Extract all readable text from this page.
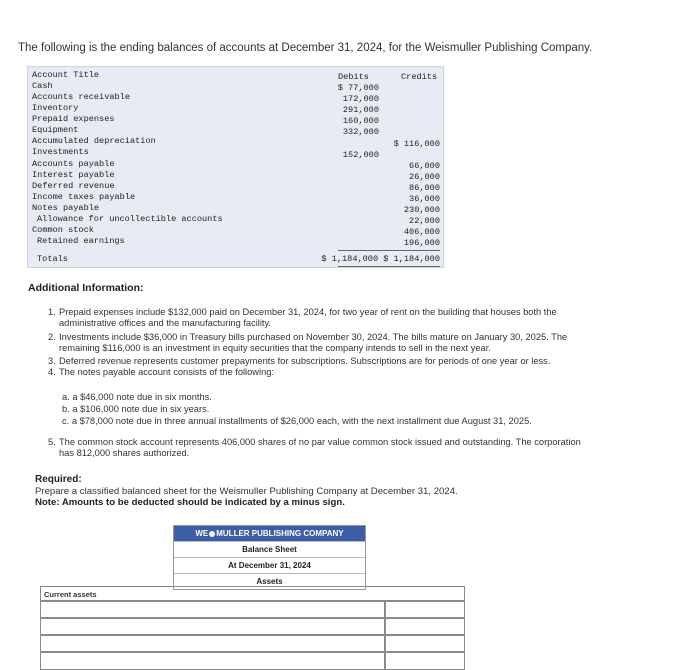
The following is the ending balances of accounts at December 31, 2024, for the Weismuller Publishing Company.
Account Title	Debits	Credits
Cash
Accounts receivable
Inventory
Prepaid expenses
Equipment
Accumulated depreciation
Investments
Accounts payable
Interest payable
Deferred revenue
Income taxes payable
Notes payable
Allowance for uncollectible accounts
Common stock
Retained earnings
Totals
$ 77,000
172,000
291,000
160,000
332,000
152,000
$ 116,000
66,000
26,000
86,000
36,000
230,000
22,000
406,000
196,000
$ 1,184,000 $ 1,184,000
Additional Information:
1. Prepaid expenses include $132,000 paid on December 31, 2024, for two year of rent on the building that houses both the
administrative offices and the manufacturing facility.
2. Investments include $36,000 in Treasury bills purchased on November 30, 2024. The bills mature on January 30, 2025. The
remaining $116,000 is an investment in equity securities that the company intends to sell in the next year.
3. Deferred revenue represents customer prepayments for subscriptions. Subscriptions are for periods of one year or less.
4. The notes payable account consists of the following:
a. a $46,000 note due in six months.
b. a $106,000 note due in six years.
c. a $78,000 note due in three annual installments of $26,000 each, with the next installment due August 31, 2025.
5. The common stock account represents 406,000 shares of no par value common stock issued and outstanding. The corporation
has 812,000 shares authorized.
Required:
Prepare a classified balanced sheet for the Weismuller Publishing Company at December 31, 2024.
Note: Amounts to be deducted should be indicated by a minus sign.
WE MULLER PUBLISHING COMPANY
Balance Sheet
At December 31, 2024
Assets
Current assets
